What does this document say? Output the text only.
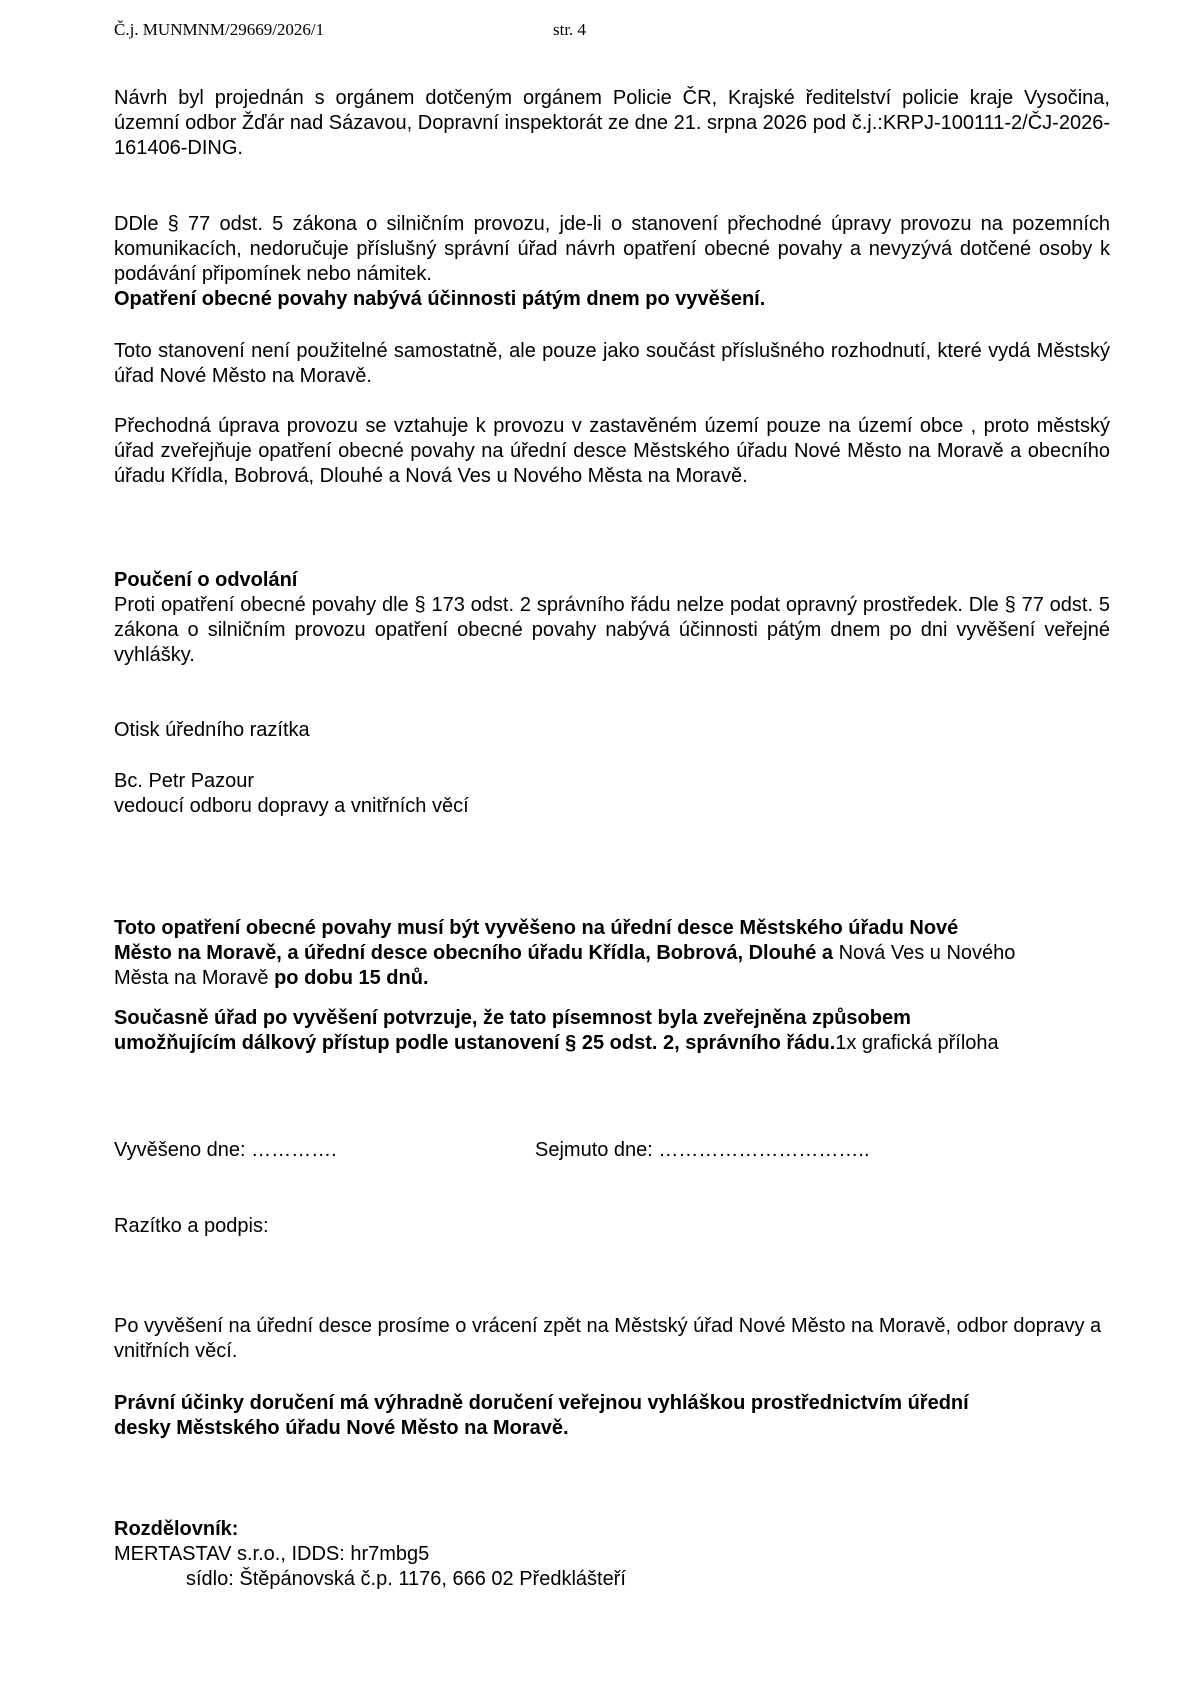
Č.j. MUNMNM/29669/2026/1	str. 4
Návrh byl projednán s orgánem dotčeným orgánem Policie ČR, Krajské ředitelství policie kraje Vysočina, územní odbor Žďár nad Sázavou, Dopravní inspektorát ze dne 21. srpna 2026 pod č.j.:KRPJ-100111-2/ČJ-2026-161406-DING.
DDle § 77 odst. 5 zákona o silničním provozu, jde-li o stanovení přechodné úpravy provozu na pozemních komunikacích, nedoručuje příslušný správní úřad návrh opatření obecné povahy a nevyzývá dotčené osoby k podávání připomínek nebo námitek.
Opatření obecné povahy nabývá účinnosti pátým dnem po vyvěšení.
Toto stanovení není použitelné samostatně, ale pouze jako součást příslušného rozhodnutí, které vydá Městský úřad Nové Město na Moravě.
Přechodná úprava provozu se vztahuje k provozu v zastavěném území pouze na území obce , proto městský úřad zveřejňuje opatření obecné povahy na úřední desce Městského úřadu Nové Město na Moravě a obecního úřadu Křídla, Bobrová, Dlouhé a Nová Ves u Nového Města na Moravě.
Poučení o odvolání
Proti opatření obecné povahy dle § 173 odst. 2 správního řádu nelze podat opravný prostředek. Dle § 77 odst. 5 zákona o silničním provozu opatření obecné povahy nabývá účinnosti pátým dnem po dni vyvěšení veřejné vyhlášky.
Otisk úředního razítka
Bc. Petr Pazour
vedoucí odboru dopravy a vnitřních věcí
Toto opatření obecné povahy musí být vyvěšeno na úřední desce Městského úřadu Nové
Město na Moravě, a úřední desce obecního úřadu Křídla, Bobrová, Dlouhé a Nová Ves u Nového
Města na Moravě po dobu 15 dnů.
Současně úřad po vyvěšení potvrzuje, že tato písemnost byla zveřejněna způsobem
umožňujícím dálkový přístup podle ustanovení § 25 odst. 2, správního řádu.1x grafická příloha
Vyvěšeno dne: ………….	Sejmuto dne: …………………………..
Razítko a podpis:
Po vyvěšení na úřední desce prosíme o vrácení zpět na Městský úřad Nové Město na Moravě, odbor dopravy a vnitřních věcí.
Právní účinky doručení má výhradně doručení veřejnou vyhláškou prostřednictvím úřední
desky Městského úřadu Nové Město na Moravě.
Rozdělovník:
MERTASTAV s.r.o., IDDS: hr7mbg5
sídlo: Štěpánovská č.p. 1176, 666 02 Předklášteří
